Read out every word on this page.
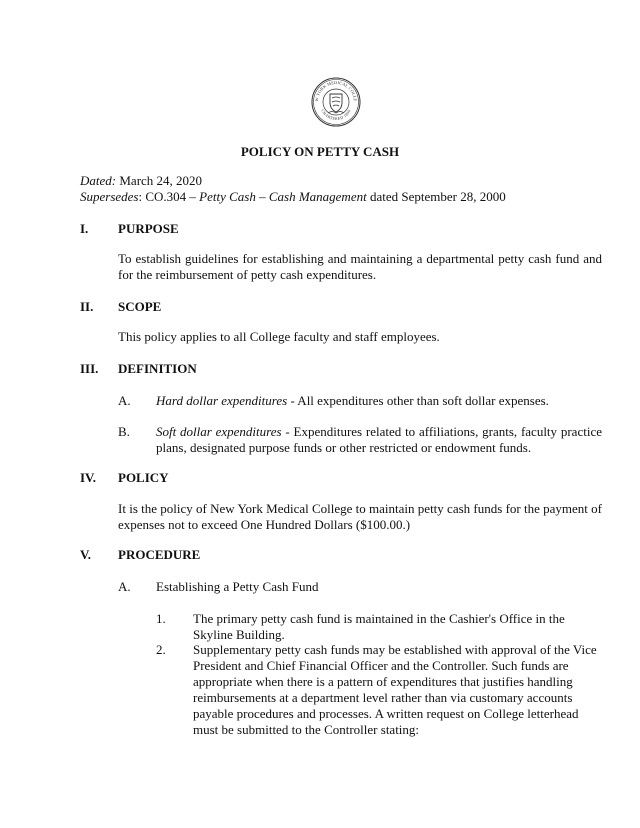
W YORK MEDICAL COLLE
CHARTERED 1860
POLICY ON PETTY CASH
Dated: March 24, 2020
Supersedes: CO.304 – Petty Cash – Cash Management dated September 28, 2000
I. PURPOSE

To establish guidelines for establishing and maintaining a departmental petty cash fund and for the reimbursement of petty cash expenditures.

II. SCOPE

This policy applies to all College faculty and staff employees.

III. DEFINITION
A. Hard dollar expenditures - All expenditures other than soft dollar expenses.

B. Soft dollar expenditures - Expenditures related to affiliations, grants, faculty practice plans, designated purpose funds or other restricted or endowment funds.

IV. POLICY

It is the policy of New York Medical College to maintain petty cash funds for the payment of expenses not to exceed One Hundred Dollars ($100.00.)

V. PROCEDURE
A. Establishing a Petty Cash Fund
1. The primary petty cash fund is maintained in the Cashier's Office in the Skyline Building.

2. Supplementary petty cash funds may be established with approval of the Vice President and Chief Financial Officer and the Controller. Such funds are appropriate when there is a pattern of expenditures that justifies handling reimbursements at a department level rather than via customary accounts payable procedures and processes. A written request on College letterhead must be submitted to the Controller stating:
